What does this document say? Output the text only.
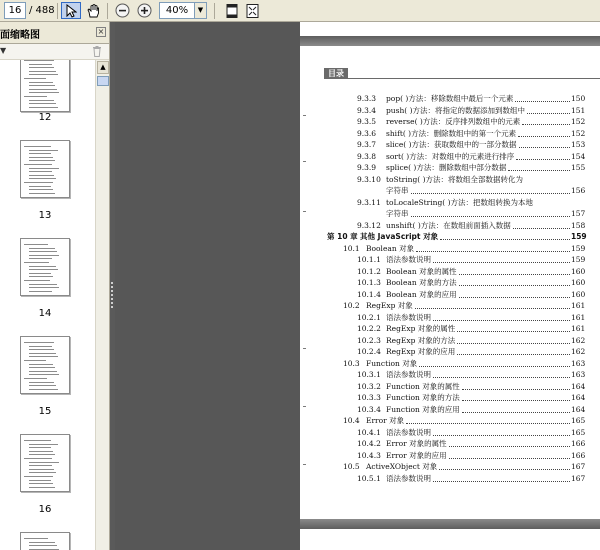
16 / 488	40%	▼
面缩略图	×
▼
12
13
14
15
16
▲
目录
9.3.3 pop( )方法：移除数组中最后一个元素	150
9.3.4 push( )方法：将指定的数据添加到数组中	151
9.3.5 reverse( )方法：反序排列数组中的元素	152
9.3.6 shift( )方法：删除数组中的第一个元素	152
9.3.7 slice( )方法：获取数组中的一部分数据	153
9.3.8 sort( )方法：对数组中的元素进行排序	154
9.3.9 splice( )方法：删除数组中部分数据	155
9.3.10 toString( )方法：将数组全部数据转化为
字符串	156
9.3.11 toLocaleString( )方法：把数组转换为本地
字符串	157
9.3.12 unshift( )方法：在数组前面插入数据	158
第 10 章 其他 JavaScript 对象	159
10.1 Boolean 对象	159
10.1.1 语法参数说明	159
10.1.2 Boolean 对象的属性	160
10.1.3 Boolean 对象的方法	160
10.1.4 Boolean 对象的应用	160
10.2 RegExp 对象	161
10.2.1 语法参数说明	161
10.2.2 RegExp 对象的属性	161
10.2.3 RegExp 对象的方法	162
10.2.4 RegExp 对象的应用	162
10.3 Function 对象	163
10.3.1 语法参数说明	163
10.3.2 Function 对象的属性	164
10.3.3 Function 对象的方法	164
10.3.4 Function 对象的应用	164
10.4 Error 对象	165
10.4.1 语法参数说明	165
10.4.2 Error 对象的属性	166
10.4.3 Error 对象的应用	166
10.5 ActiveXObject 对象	167
10.5.1 语法参数说明	167
